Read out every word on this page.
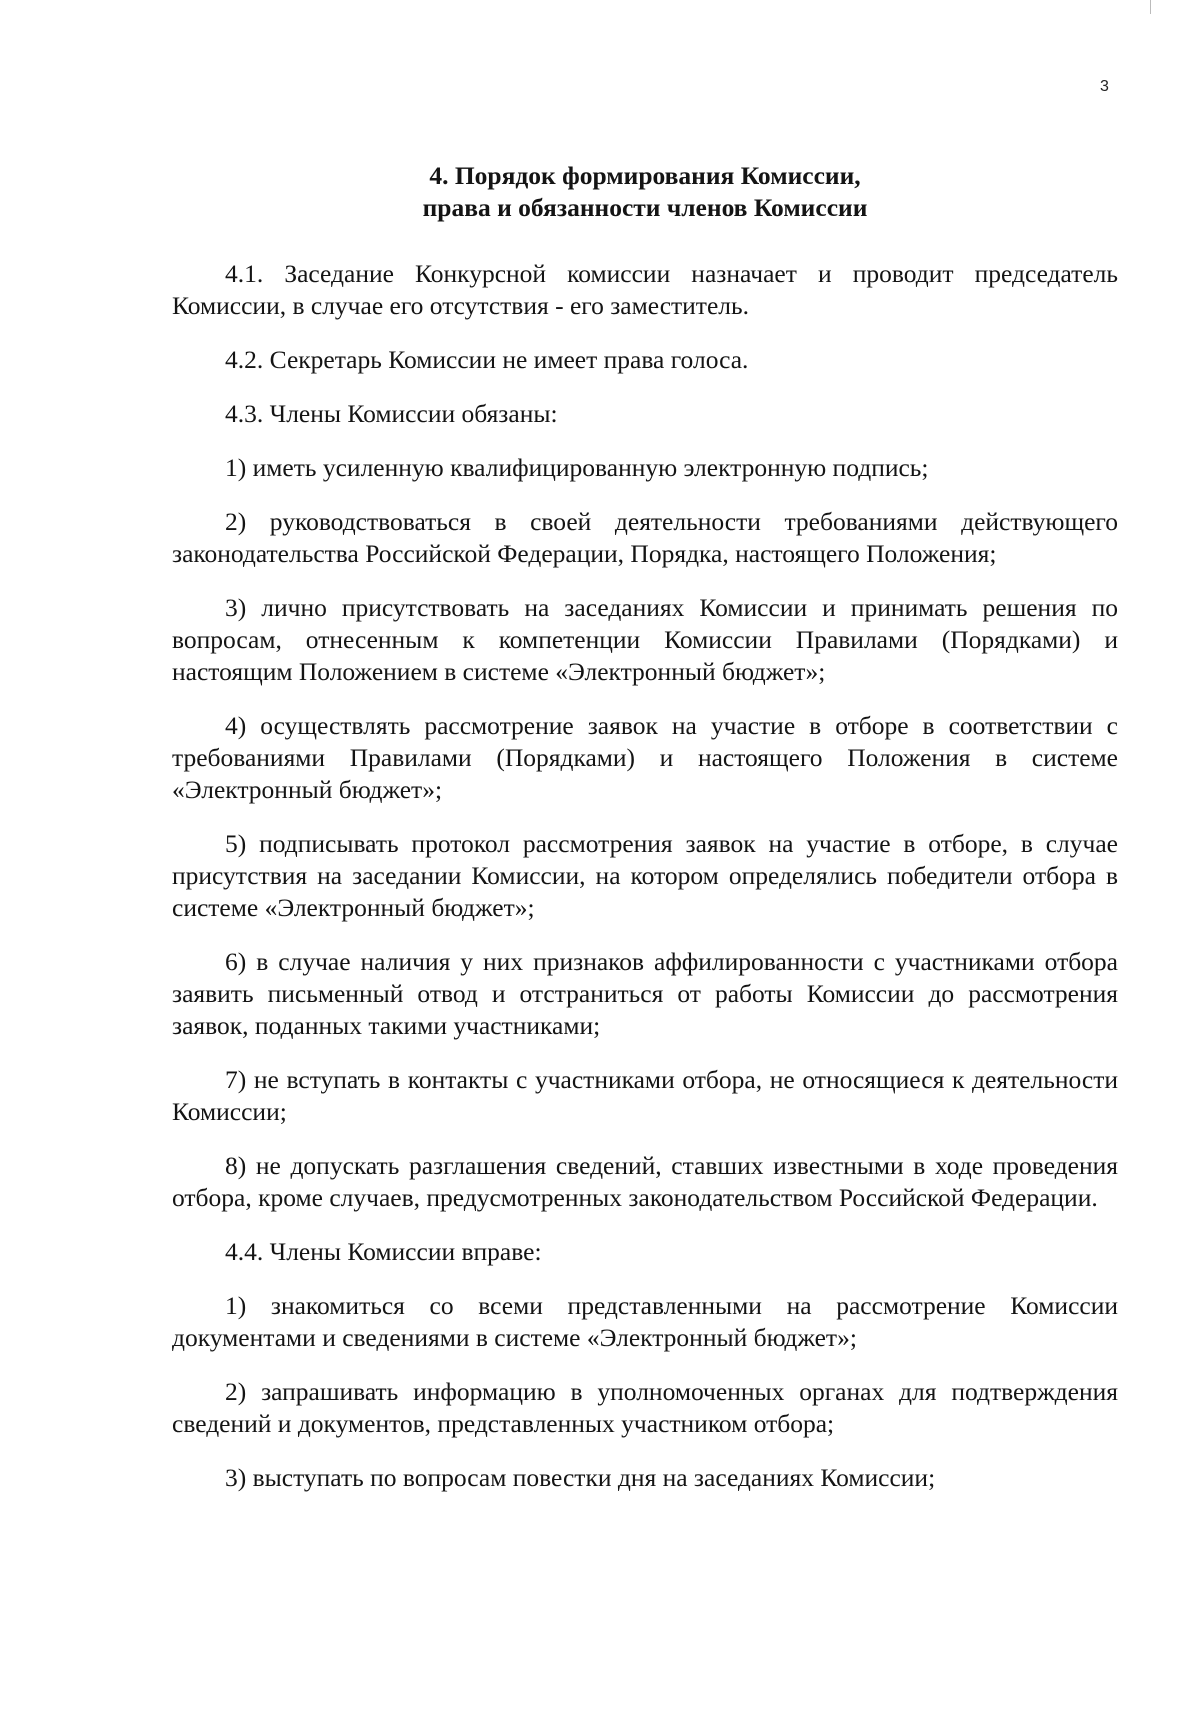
3
4. Порядок формирования Комиссии,
права и обязанности членов Комиссии

4.1. Заседание Конкурсной комиссии назначает и проводит председатель Комиссии, в случае его отсутствия - его заместитель.

4.2. Секретарь Комиссии не имеет права голоса.

4.3. Члены Комиссии обязаны:

1) иметь усиленную квалифицированную электронную подпись;

2) руководствоваться в своей деятельности требованиями действующего законодательства Российской Федерации, Порядка, настоящего Положения;

3) лично присутствовать на заседаниях Комиссии и принимать решения по вопросам, отнесенным к компетенции Комиссии Правилами (Порядками) и настоящим Положением в системе «Электронный бюджет»;

4) осуществлять рассмотрение заявок на участие в отборе в соответствии с требованиями Правилами (Порядками) и настоящего Положения в системе «Электронный бюджет»;

5) подписывать протокол рассмотрения заявок на участие в отборе, в случае присутствия на заседании Комиссии, на котором определялись победители отбора в системе «Электронный бюджет»;

6) в случае наличия у них признаков аффилированности с участниками отбора заявить письменный отвод и отстраниться от работы Комиссии до рассмотрения заявок, поданных такими участниками;

7) не вступать в контакты с участниками отбора, не относящиеся к деятельности Комиссии;

8) не допускать разглашения сведений, ставших известными в ходе проведения отбора, кроме случаев, предусмотренных законодательством Российской Федерации.

4.4. Члены Комиссии вправе:

1) знакомиться со всеми представленными на рассмотрение Комиссии документами и сведениями в системе «Электронный бюджет»;

2) запрашивать информацию в уполномоченных органах для подтверждения сведений и документов, представленных участником отбора;

3) выступать по вопросам повестки дня на заседаниях Комиссии;
